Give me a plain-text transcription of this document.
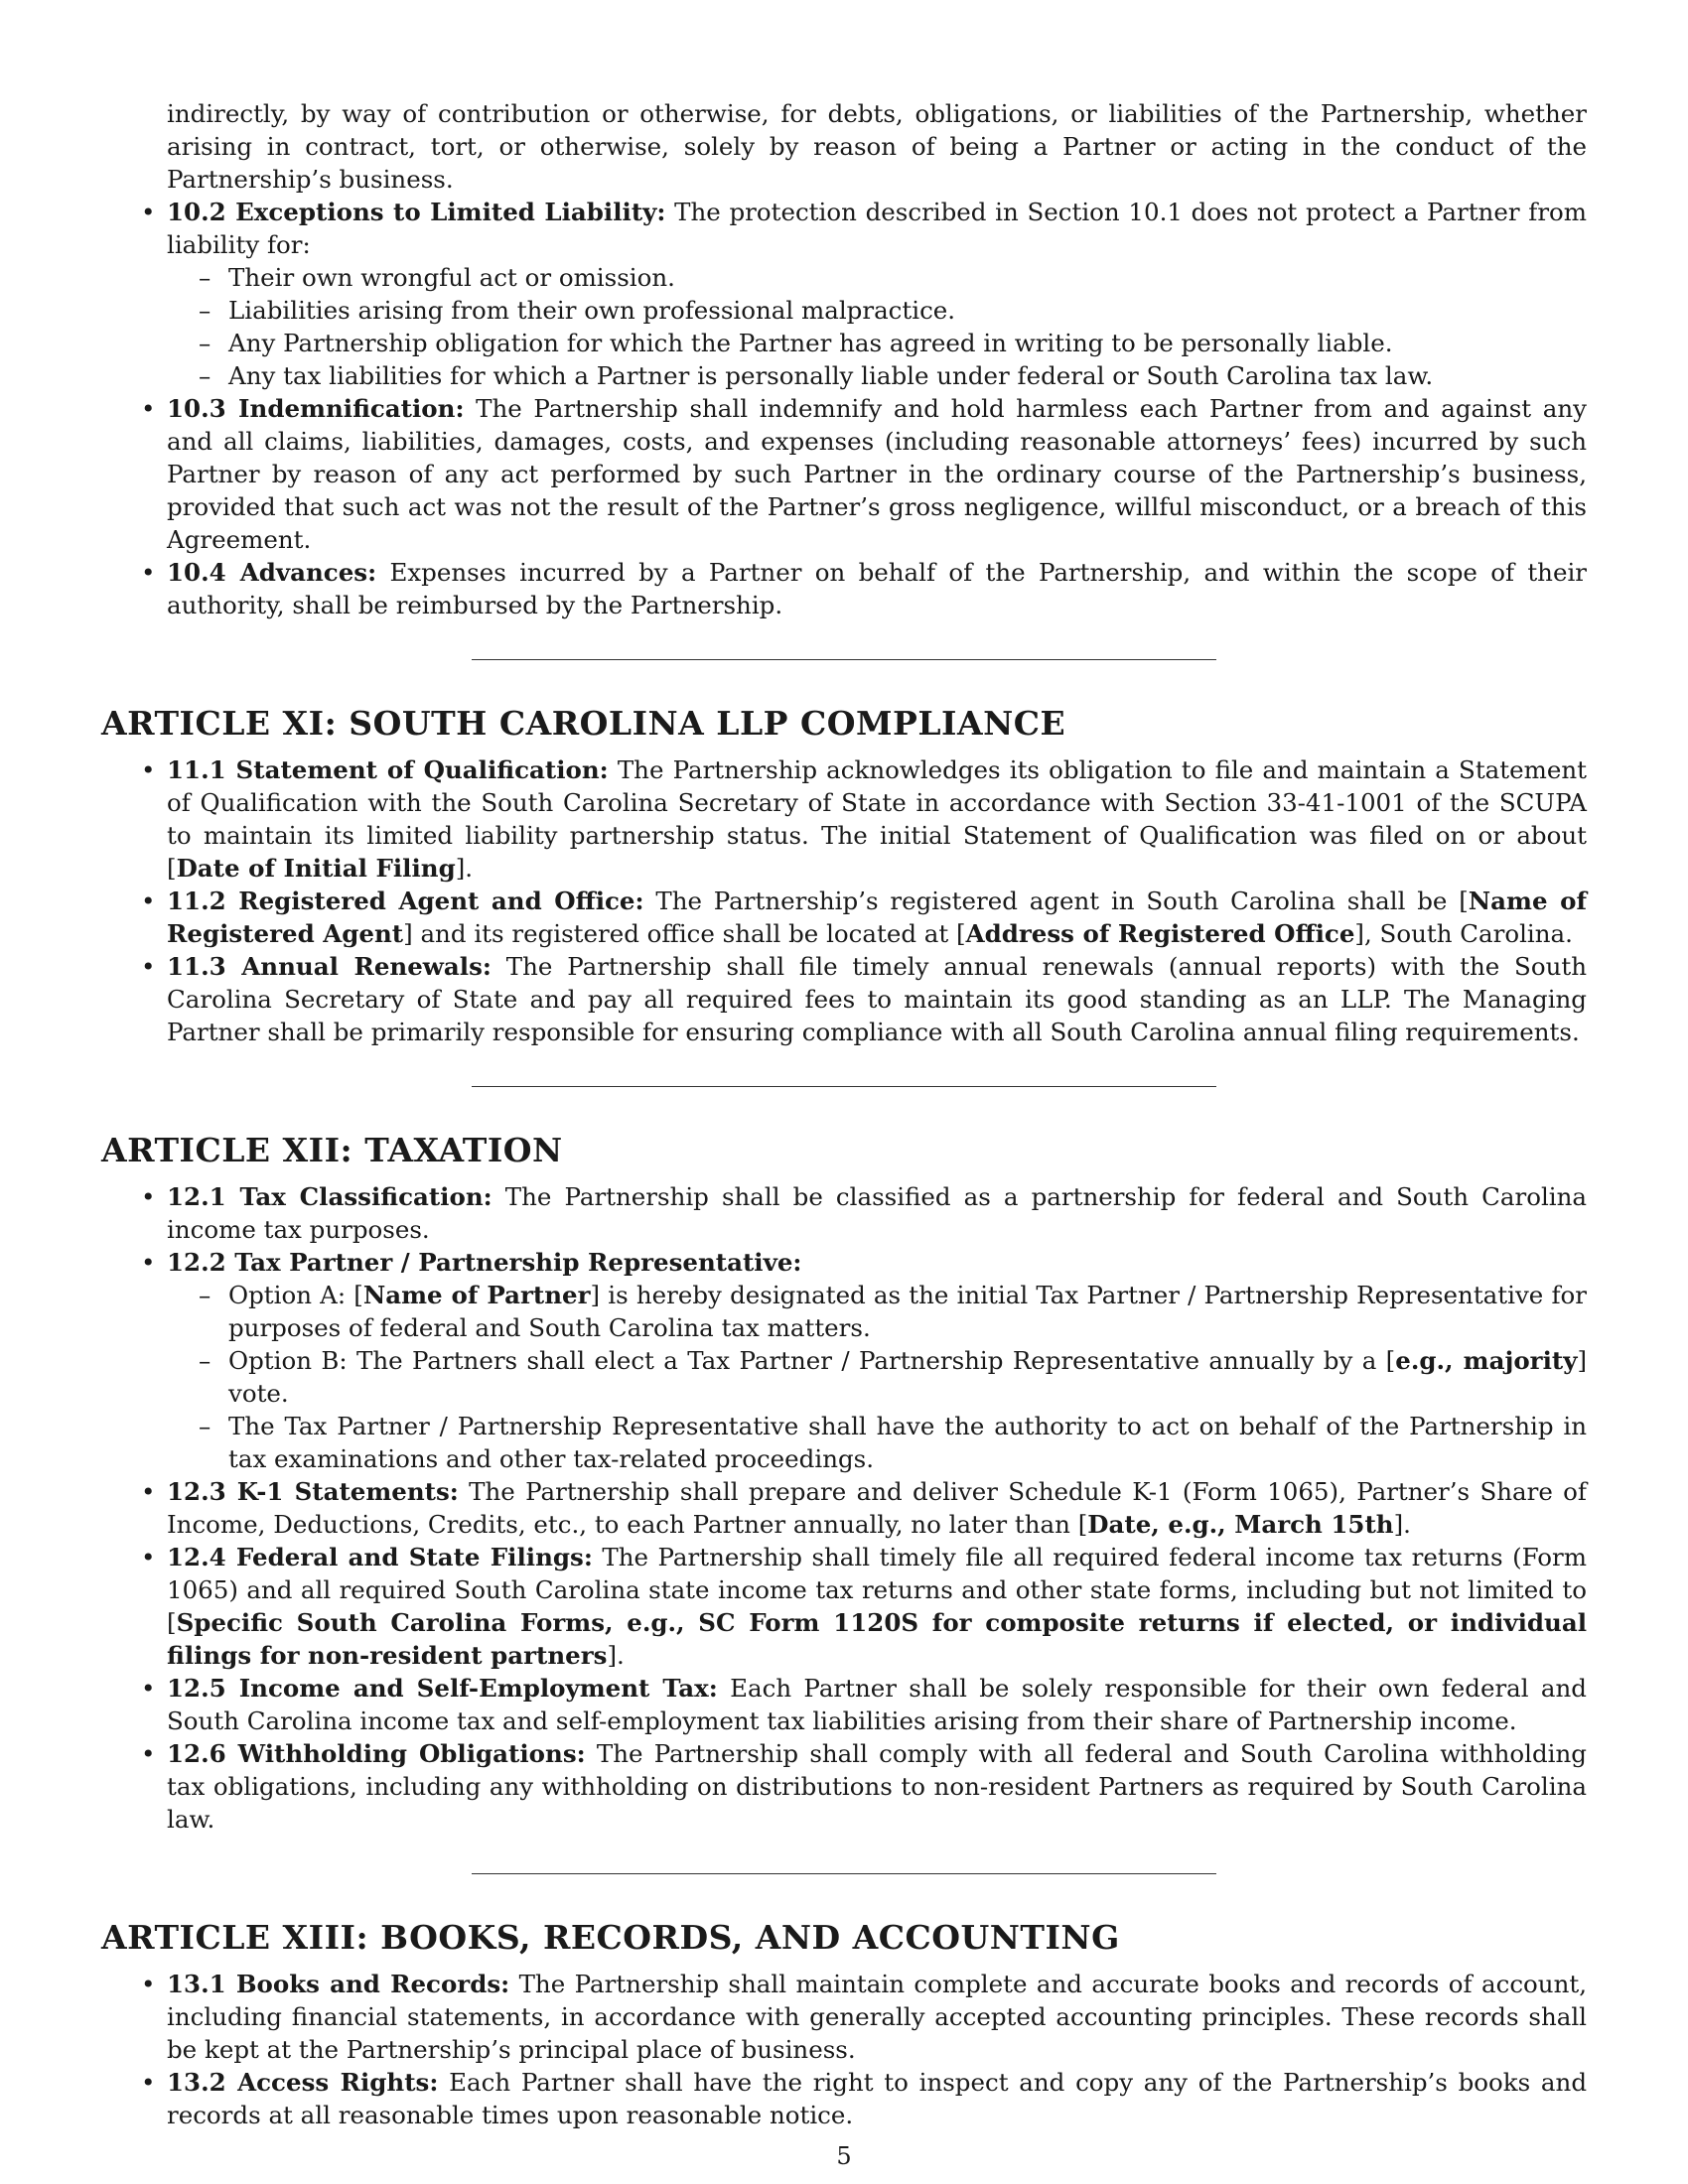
indirectly, by way of contribution or otherwise, for debts, obligations, or liabilities of the Partnership, whether arising in contract, tort, or otherwise, solely by reason of being a Partner or acting in the conduct of the Partnership’s business.
• 10.2 Exceptions to Limited Liability: The protection described in Section 10.1 does not protect a Partner from liability for:
– Their own wrongful act or omission.
– Liabilities arising from their own professional malpractice.
– Any Partnership obligation for which the Partner has agreed in writing to be personally liable.
– Any tax liabilities for which a Partner is personally liable under federal or South Carolina tax law.
• 10.3 Indemnification: The Partnership shall indemnify and hold harmless each Partner from and against any and all claims, liabilities, damages, costs, and expenses (including reasonable attorneys’ fees) incurred by such Partner by reason of any act performed by such Partner in the ordinary course of the Partnership’s business, provided that such act was not the result of the Partner’s gross negligence, willful misconduct, or a breach of this Agreement.
• 10.4 Advances: Expenses incurred by a Partner on behalf of the Partnership, and within the scope of their authority, shall be reimbursed by the Partnership.
ARTICLE XI: SOUTH CAROLINA LLP COMPLIANCE
• 11.1 Statement of Qualification: The Partnership acknowledges its obligation to file and maintain a Statement of Qualification with the South Carolina Secretary of State in accordance with Section 33-41-1001 of the SCUPA to maintain its limited liability partnership status. The initial Statement of Qualification was filed on or about [Date of Initial Filing].
• 11.2 Registered Agent and Office: The Partnership’s registered agent in South Carolina shall be [Name of Registered Agent] and its registered office shall be located at [Address of Registered Office], South Carolina.
• 11.3 Annual Renewals: The Partnership shall file timely annual renewals (annual reports) with the South Carolina Secretary of State and pay all required fees to maintain its good standing as an LLP. The Managing Partner shall be primarily responsible for ensuring compliance with all South Carolina annual filing requirements.
ARTICLE XII: TAXATION
• 12.1 Tax Classification: The Partnership shall be classified as a partnership for federal and South Carolina income tax purposes.
• 12.2 Tax Partner / Partnership Representative:
– Option A: [Name of Partner] is hereby designated as the initial Tax Partner / Partnership Representative for purposes of federal and South Carolina tax matters.
– Option B: The Partners shall elect a Tax Partner / Partnership Representative annually by a [e.g., majority] vote.
– The Tax Partner / Partnership Representative shall have the authority to act on behalf of the Partnership in tax examinations and other tax-related proceedings.
• 12.3 K-1 Statements: The Partnership shall prepare and deliver Schedule K-1 (Form 1065), Partner’s Share of Income, Deductions, Credits, etc., to each Partner annually, no later than [Date, e.g., March 15th].
• 12.4 Federal and State Filings: The Partnership shall timely file all required federal income tax returns (Form 1065) and all required South Carolina state income tax returns and other state forms, including but not limited to [Specific South Carolina Forms, e.g., SC Form 1120S for composite returns if elected, or individual filings for non-resident partners].
• 12.5 Income and Self-Employment Tax: Each Partner shall be solely responsible for their own federal and South Carolina income tax and self-employment tax liabilities arising from their share of Partnership income.
• 12.6 Withholding Obligations: The Partnership shall comply with all federal and South Carolina withholding tax obligations, including any withholding on distributions to non-resident Partners as required by South Carolina law.
ARTICLE XIII: BOOKS, RECORDS, AND ACCOUNTING
• 13.1 Books and Records: The Partnership shall maintain complete and accurate books and records of account, including financial statements, in accordance with generally accepted accounting principles. These records shall be kept at the Partnership’s principal place of business.
• 13.2 Access Rights: Each Partner shall have the right to inspect and copy any of the Partnership’s books and records at all reasonable times upon reasonable notice.
5
